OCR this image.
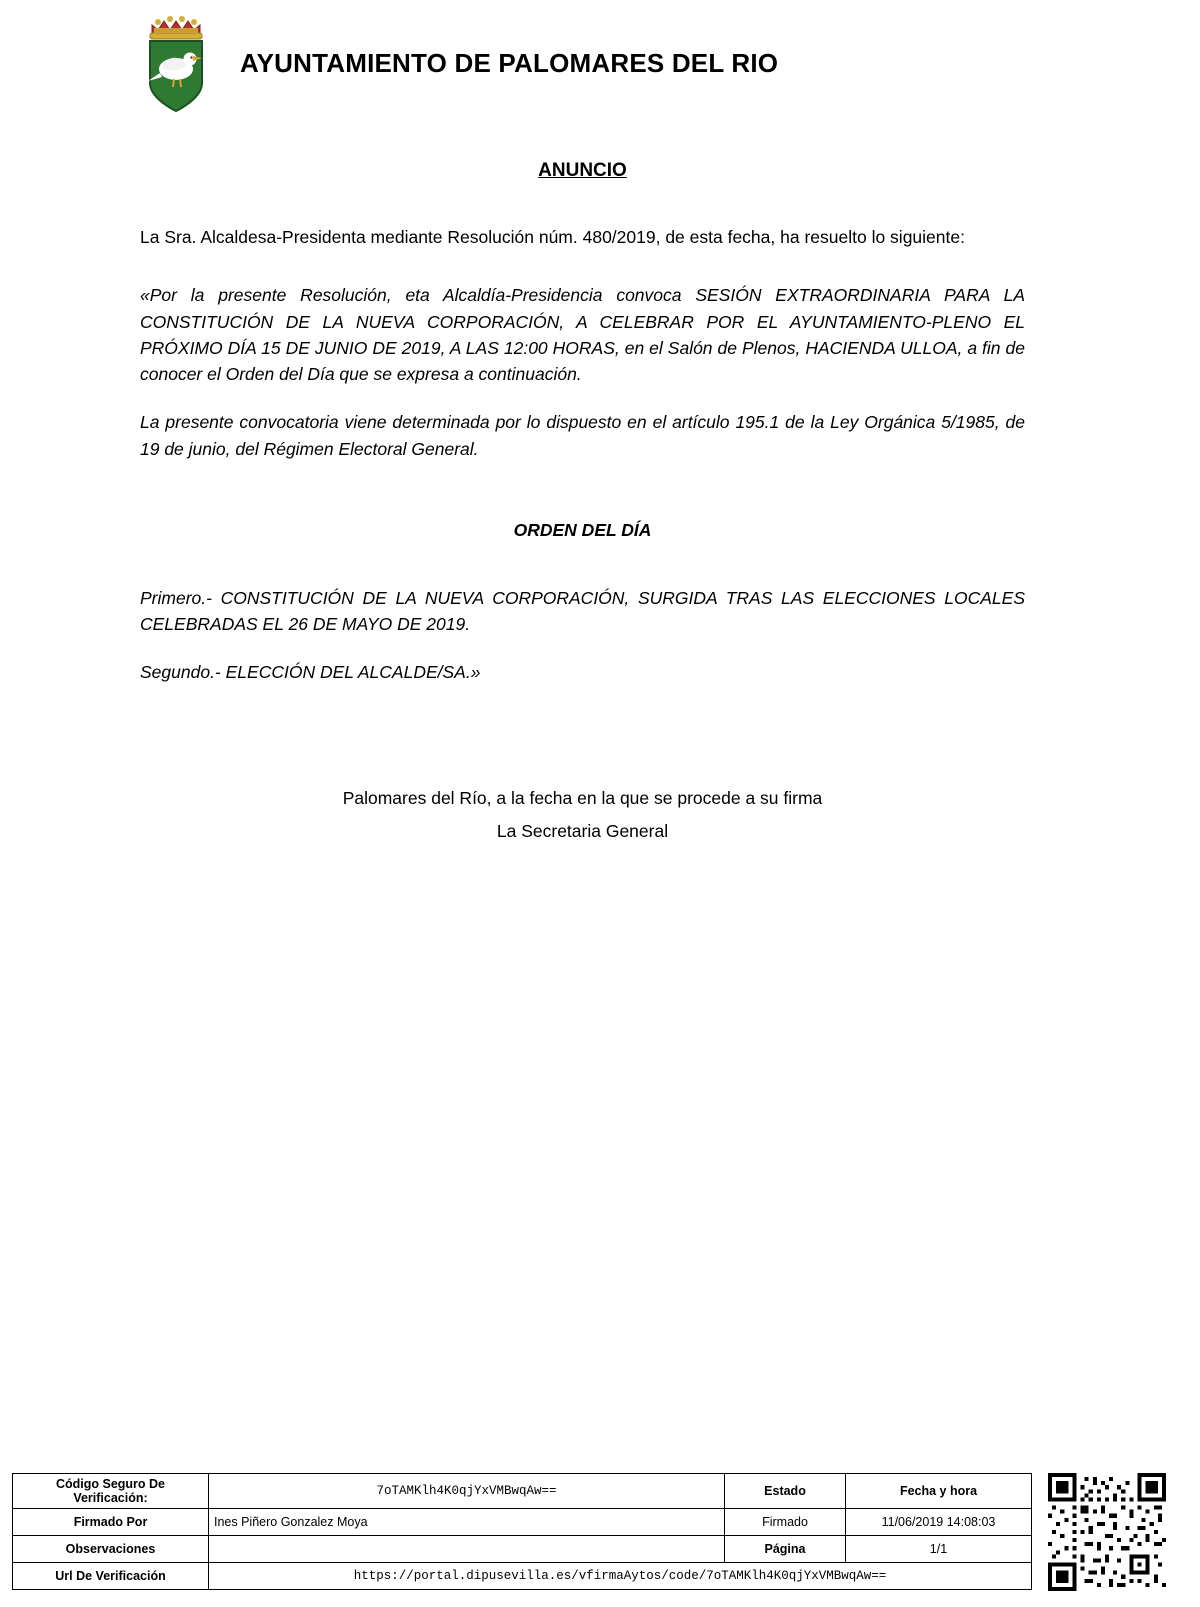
AYUNTAMIENTO DE PALOMARES DEL RIO

ANUNCIO

La Sra. Alcaldesa-Presidenta mediante Resolución núm. 480/2019, de esta fecha, ha resuelto lo siguiente:

«Por la presente Resolución, eta Alcaldía-Presidencia convoca SESIÓN EXTRAORDINARIA PARA LA CONSTITUCIÓN DE LA NUEVA CORPORACIÓN, A CELEBRAR POR EL AYUNTAMIENTO-PLENO EL PRÓXIMO DÍA 15 DE JUNIO DE 2019, A LAS 12:00 HORAS, en el Salón de Plenos, HACIENDA ULLOA, a fin de conocer el Orden del Día que se expresa a continuación.

La presente convocatoria viene determinada por lo dispuesto en el artículo 195.1 de la Ley Orgánica 5/1985, de 19 de junio, del Régimen Electoral General.

ORDEN DEL DÍA

Primero.- CONSTITUCIÓN DE LA NUEVA CORPORACIÓN, SURGIDA TRAS LAS ELECCIONES LOCALES CELEBRADAS EL 26 DE MAYO DE 2019.

Segundo.- ELECCIÓN DEL ALCALDE/SA.»

Palomares del Río, a la fecha en la que se procede a su firma
La Secretaria General
Código Seguro De Verificación:	7oTAMKlh4K0qjYxVMBwqAw==	Estado	Fecha y hora
Firmado Por	Ines Piñero Gonzalez Moya	Firmado	11/06/2019 14:08:03
Observaciones		Página	1/1
Url De Verificación	https://portal.dipusevilla.es/vfirmaAytos/code/7oTAMKlh4K0qjYxVMBwqAw==		
